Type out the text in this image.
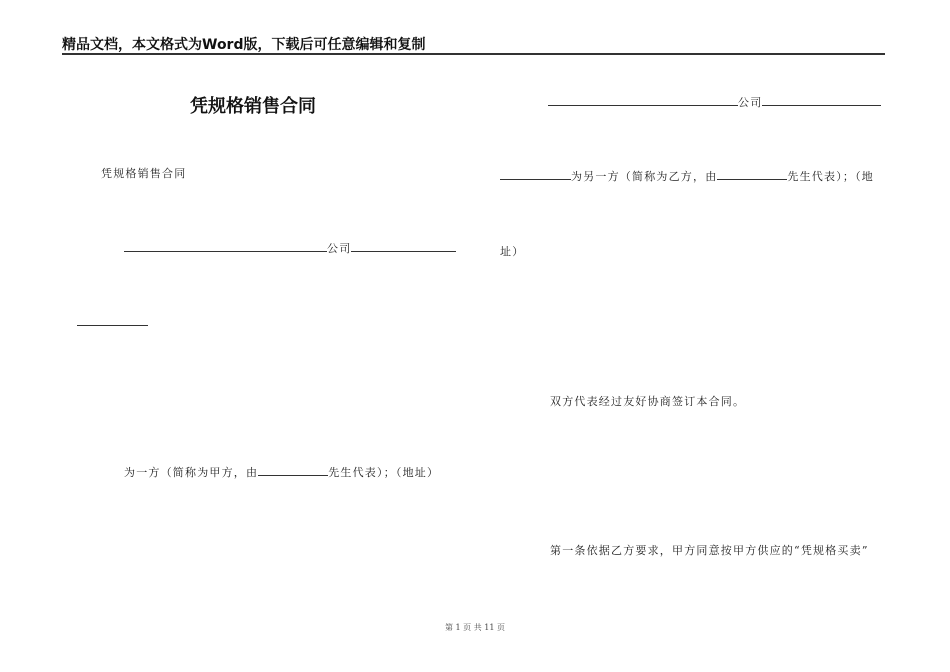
精品文档，本文格式为Word版，下载后可任意编辑和复制
凭规格销售合同
凭规格销售合同
公司
为一方（简称为甲方，由	先生代表）；（地址）
公司
为另一方（简称为乙方，由	先生代表）；（地
址）
双方代表经过友好协商签订本合同。
第一条依据乙方要求，甲方同意按甲方供应的“凭规格买卖”
第 1 页 共 11 页
